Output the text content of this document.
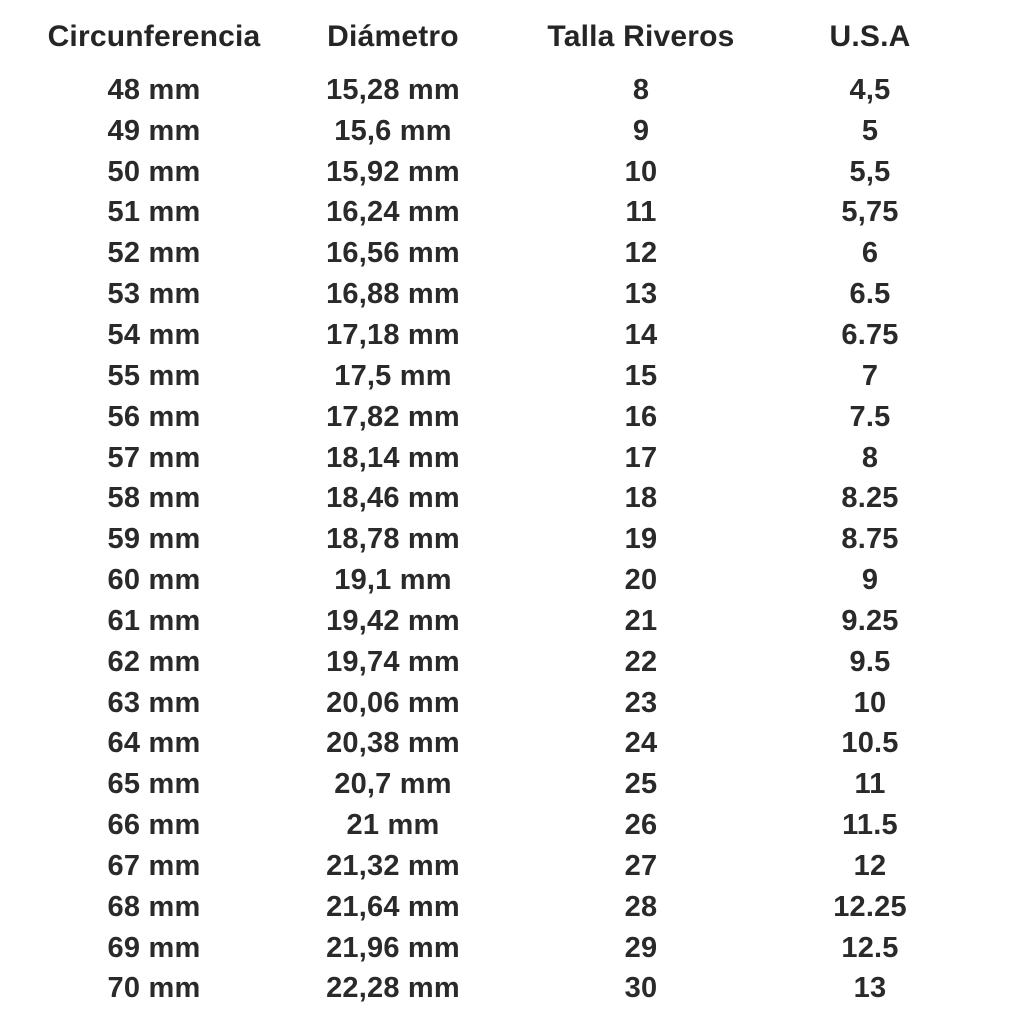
Circunferencia	Diámetro	Talla Riveros	U.S.A
48 mm	15,28 mm	8	4,5
49 mm	15,6 mm	9	5
50 mm	15,92 mm	10	5,5
51 mm	16,24 mm	11	5,75
52 mm	16,56 mm	12	6
53 mm	16,88 mm	13	6.5
54 mm	17,18 mm	14	6.75
55 mm	17,5 mm	15	7
56 mm	17,82 mm	16	7.5
57 mm	18,14 mm	17	8
58 mm	18,46 mm	18	8.25
59 mm	18,78 mm	19	8.75
60 mm	19,1 mm	20	9
61 mm	19,42 mm	21	9.25
62 mm	19,74 mm	22	9.5
63 mm	20,06 mm	23	10
64 mm	20,38 mm	24	10.5
65 mm	20,7 mm	25	11
66 mm	21 mm	26	11.5
67 mm	21,32 mm	27	12
68 mm	21,64 mm	28	12.25
69 mm	21,96 mm	29	12.5
70 mm	22,28 mm	30	13
